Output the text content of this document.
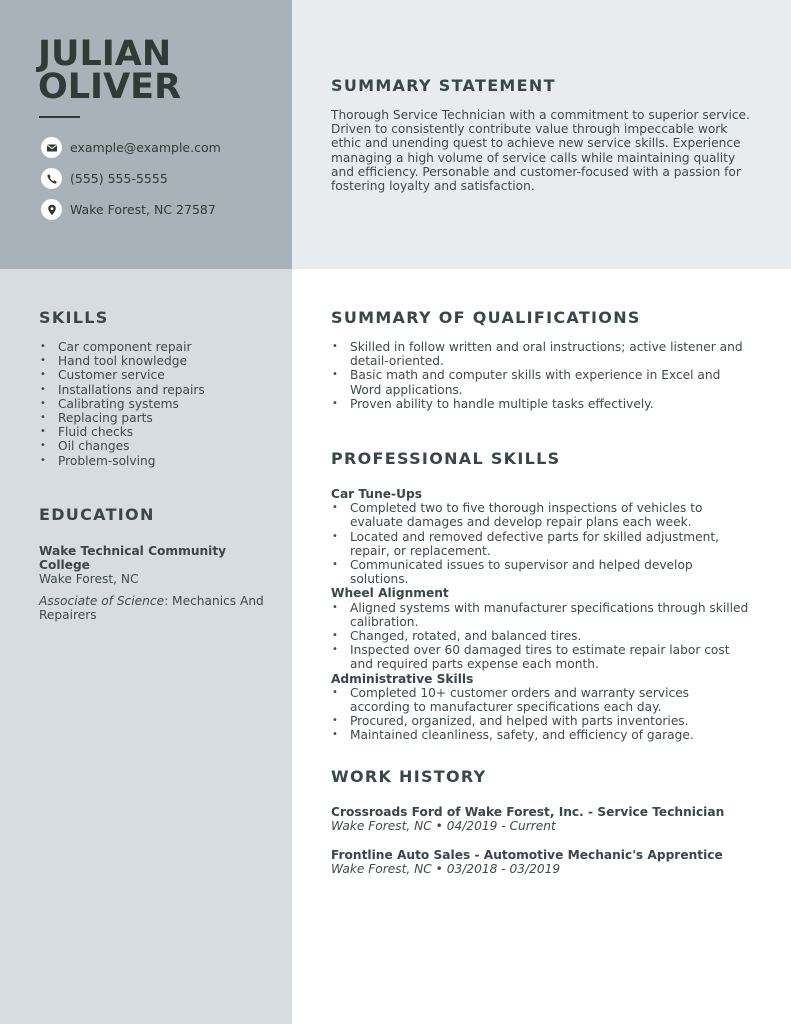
JULIAN
OLIVER
example@example.com
(555) 555-5555
Wake Forest, NC 27587
SUMMARY STATEMENT

Thorough Service Technician with a commitment to superior service. Driven to consistently contribute value through impeccable work ethic and unending quest to achieve new service skills. Experience managing a high volume of service calls while maintaining quality and efficiency. Personable and customer-focused with a passion for fostering loyalty and satisfaction.

SKILLS
• Car component repair
• Hand tool knowledge
• Customer service
• Installations and repairs
• Calibrating systems
• Replacing parts
• Fluid checks
• Oil changes
• Problem-solving
EDUCATION
Wake Technical Community College
Wake Forest, NC
Associate of Science: Mechanics And Repairers
SUMMARY OF QUALIFICATIONS
• Skilled in follow written and oral instructions; active listener and detail-oriented.
• Basic math and computer skills with experience in Excel and Word applications.
• Proven ability to handle multiple tasks effectively.
PROFESSIONAL SKILLS
Car Tune-Ups
• Completed two to five thorough inspections of vehicles to evaluate damages and develop repair plans each week.
• Located and removed defective parts for skilled adjustment, repair, or replacement.
• Communicated issues to supervisor and helped develop solutions.
Wheel Alignment
• Aligned systems with manufacturer specifications through skilled calibration.
• Changed, rotated, and balanced tires.
• Inspected over 60 damaged tires to estimate repair labor cost and required parts expense each month.
Administrative Skills
• Completed 10+ customer orders and warranty services according to manufacturer specifications each day.
• Procured, organized, and helped with parts inventories.
• Maintained cleanliness, safety, and efficiency of garage.
WORK HISTORY
Crossroads Ford of Wake Forest, Inc. - Service Technician
Wake Forest, NC • 04/2019 - Current
Frontline Auto Sales - Automotive Mechanic's Apprentice
Wake Forest, NC • 03/2018 - 03/2019
